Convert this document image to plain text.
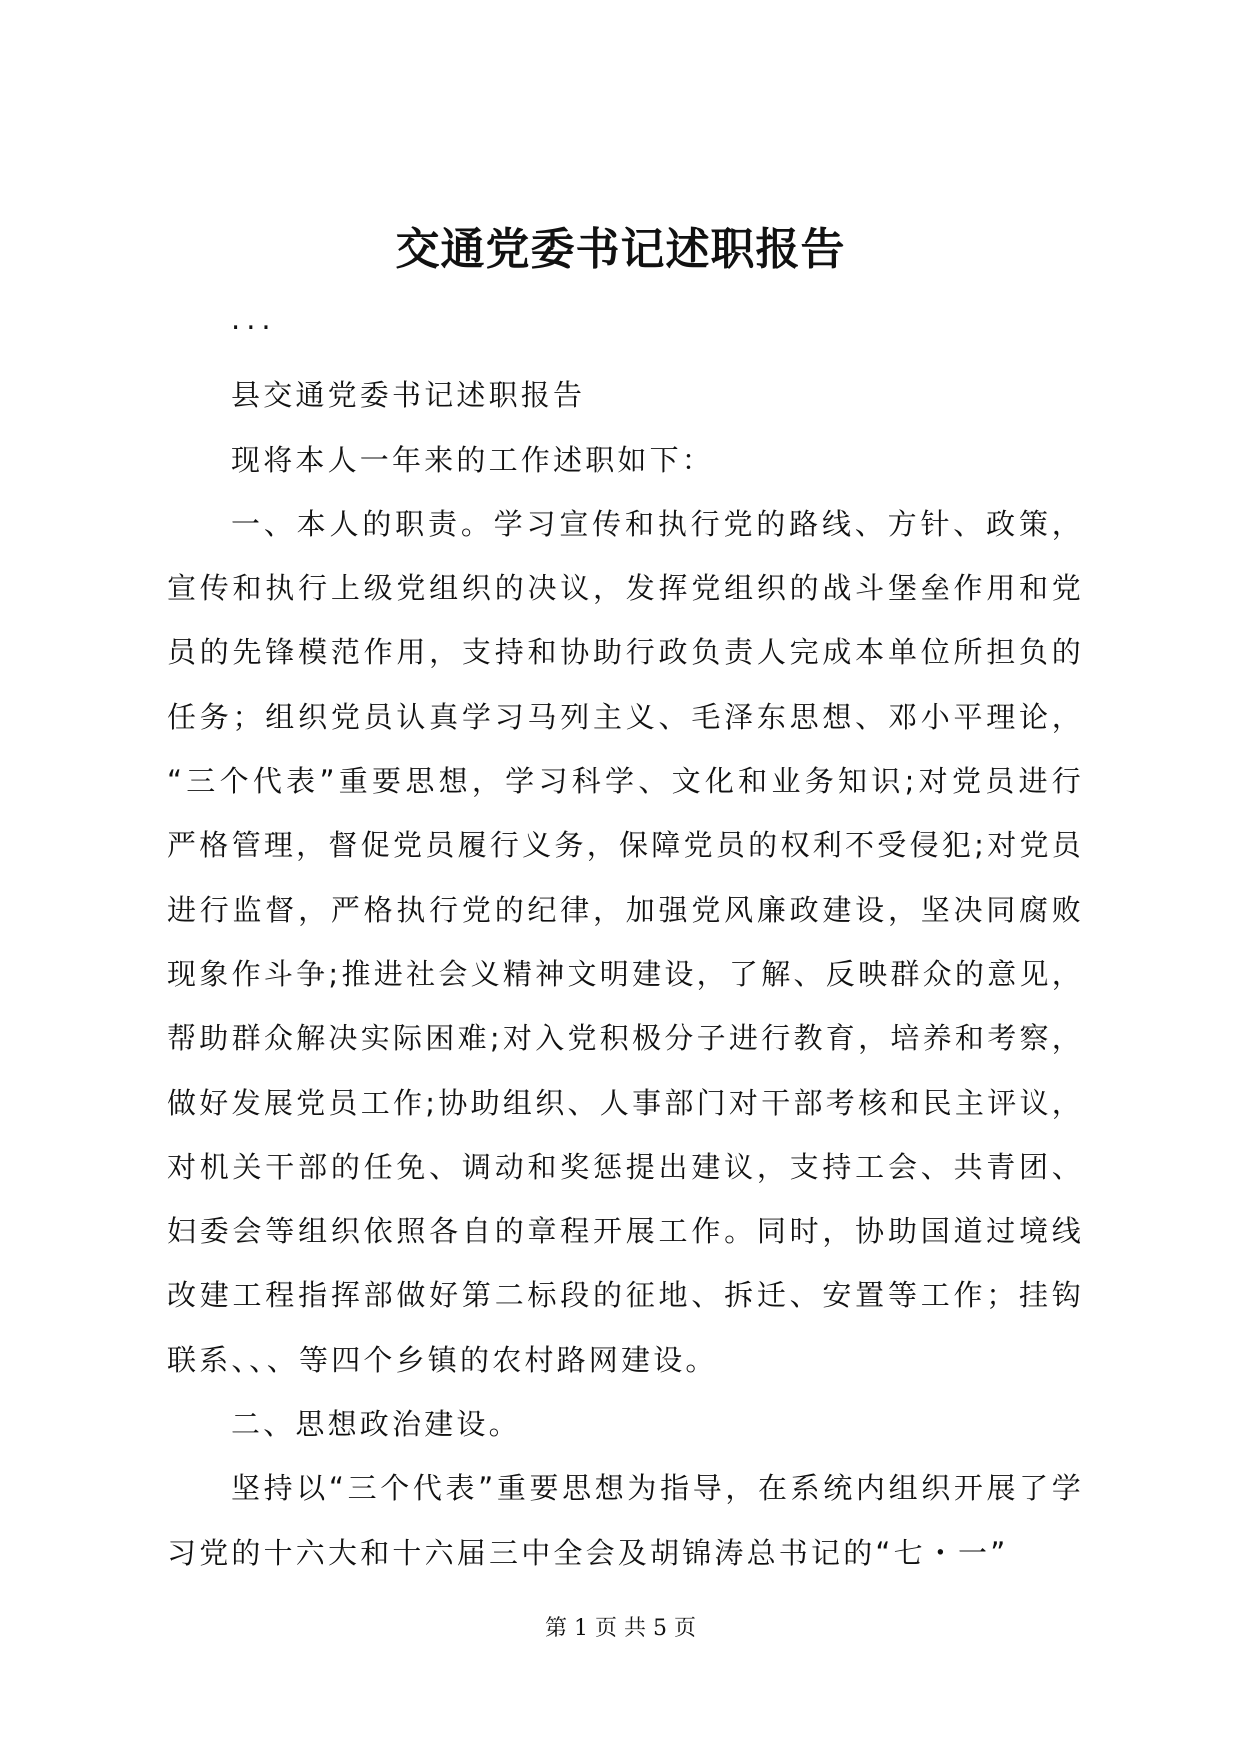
交通党委书记述职报告

...

县交通党委书记述职报告

现将本人一年来的工作述职如下：

一、本人的职责。学习宣传和执行党的路线、方针、政策，宣传和执行上级党组织的决议，发挥党组织的战斗堡垒作用和党员的先锋模范作用，支持和协助行政负责人完成本单位所担负的任务；组织党员认真学习马列主义、毛泽东思想、邓小平理论，“三个代表”重要思想，学习科学、文化和业务知识;对党员进行严格管理，督促党员履行义务，保障党员的权利不受侵犯;对党员进行监督，严格执行党的纪律，加强党风廉政建设，坚决同腐败现象作斗争;推进社会义精神文明建设，了解、反映群众的意见，帮助群众解决实际困难;对入党积极分子进行教育，培养和考察，做好发展党员工作;协助组织、人事部门对干部考核和民主评议，对机关干部的任免、调动和奖惩提出建议，支持工会、共青团、妇委会等组织依照各自的章程开展工作。同时，协助国道过境线改建工程指挥部做好第二标段的征地、拆迁、安置等工作；挂钩联系、、、等四个乡镇的农村路网建设。

二、思想政治建设。

坚持以“三个代表”重要思想为指导，在系统内组织开展了学习党的十六大和十六届三中全会及胡锦涛总书记的“七・一”

第 1 页 共 5 页
